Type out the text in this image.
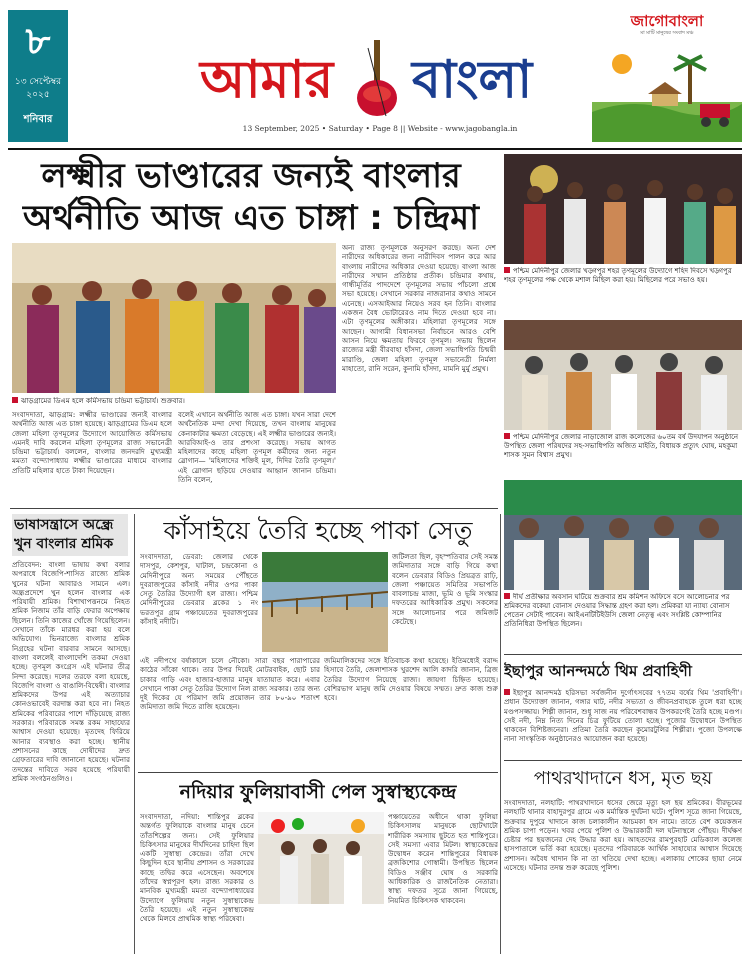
৮
১৩ সেপ্টেম্বর ২০২৫
শনিবার
আমার বাংলা
13 September, 2025 • Saturday • Page 8 || Website - www.jagobangla.in
জাগোবাংলা
মা মাটি মানুষের সংবাদ মঞ্চ
লক্ষ্মীর ভাণ্ডারের জন্যই বাংলার
অর্থনীতি আজ এত চাঙ্গা : চন্দ্রিমা
ঝাড়গ্রামের ডিএম হলে কর্মিসভায় চন্দ্রিমা ভট্টাচার্য। শুক্রবার।
সংবাদদাতা, ঝাড়গ্রাম: লক্ষ্মীর ভাণ্ডারের জন্যই বাংলার অর্থনীতি আজ এত চাঙ্গা হয়েছে। ঝাড়গ্রামের ডিএম হলে জেলা মহিলা তৃণমূলের উদ্যোগে আয়োজিত কর্মিসভায় এমনই দাবি করলেন মহিলা তৃণমূলের রাজ্য সভানেত্রী চন্দ্রিমা ভট্টাচার্য। বললেন, বাংলার জনদরদি মুখ্যমন্ত্রী মমতা বন্দ্যোপাধ্যায় লক্ষ্মীর ভাণ্ডারের মাধ্যমে বাংলার প্রতিটি মহিলার হাতে টাকা দিয়েছেন।
বলেই এখানে অর্থনীতি আজ এত চাঙ্গা। যখন সারা দেশে অর্থনৈতিক মন্দা দেখা দিয়েছে, তখন বাংলায় মানুষের কেনাকাটার ক্ষমতা বেড়েছে। এই লক্ষ্মীর ভাণ্ডারের জন্যই। আরবিআই-ও তার প্রশংসা করেছে। সভায় আগত মহিলাদের কাছে মহিলা তৃণমূল কর্মীদের জন্য নতুন স্লোগান— 'মহিলাদের শক্তিই মূল, দিদির তৈরি তৃণমূল।' এই স্লোগান ছড়িয়ে দেওয়ার আহ্বান জানান চন্দ্রিমা। তিনি বলেন,
অন্য রাজ্য তৃণমূলকে অনুসরণ করছে। অন্য দেশ নারীদের অধিকারের জন্য নারীদিবস পালন করে আর বাংলায় নারীদের অধিকার দেওয়া হয়েছে। বাংলা আজ নারীদের সম্মান প্রতিষ্ঠার প্রতীক। চন্দ্রিমার কথায়, গান্ধীমূর্তির পাদদেশে তৃণমূলের সভায় পাঁচলো প্রশ্নে সভা হয়েছে। সেখানে সরকার নাজরানার কথাও সামনে এনেছে। এসআইআর নিয়েও সরব হন তিনি। বাংলার একজন বৈধ ভোটারেরও নাম দিতে দেওয়া হবে না। এটা তৃণমূলের অঙ্গীকার। মহিলারা তৃণমূলের সঙ্গে আছেন। আগামী বিধানসভা নির্বাচনে আরও বেশি আসন নিয়ে ক্ষমতায় ফিরবে তৃণমূল। সভায় ছিলেন রাজ্যের মন্ত্রী বীরবাহা হাঁসদা, জেলা সভাধিপতি চিন্ময়ী মারাণ্ডি, জেলা মহিলা তৃণমূল সভানেত্রী নির্মলা মাহাতো, রানি সরেন, কুনামি হাঁসদা, মামনি মুর্মু প্রমুখ।
পশ্চিম মেদিনীপুর জেলার খড়্গপুর শহর তৃণমূলের উদ্যোগে শহিদ দিবসে খড়্গপুর শহর তৃণমূলের পক্ষ থেকে মশাল মিছিল করা হয়। মিছিলের পরে সভাও হয়।
পশ্চিম মেদিনীপুর জেলার নাড়াজোল রাজ কলেজের ৬০তম বর্ষ উদযাপন অনুষ্ঠানে উপস্থিত জেলা পরিষদের সহ-সভাধিপতি অজিত মাইতি, বিধায়ক প্রত্যুৎ ঘোষ, মহকুমা শাসক সুমন বিশ্বাস প্রমুখ।
দীর্ঘ প্রতীক্ষার অবসান ঘটিয়ে শুক্রবার শ্রম কমিশন অফিসে বসে আলোচনার পর শ্রমিকদের বকেয়া বোনাস দেওয়ার সিদ্ধান্ত গ্রহণ করা হল। প্রমিকরা যা ন্যায্য বোনাস পেতেন সেটাই পাবেন। আইএনটিটিইউসি জেলা নেতৃত্ব এবং সংশ্লিষ্ট কোম্পানির প্রতিনিধিরা উপস্থিত ছিলেন।
ভাষাসন্ত্রাসে অন্ধ্রে খুন বাংলার শ্রমিক
প্রতিবেদন: বাংলা ভাষায় কথা বলার অপরাধে বিজেপি-শাসিত রাজ্যে শ্রমিক খুনের ঘটনা আবারও সামনে এল। অন্ধ্রপ্রদেশে খুন হলেন বাংলার এক পরিযায়ী শ্রমিক। বিশাখাপত্তনমে নিহত শ্রমিক নিজাম তাঁর বাড়ি ফেরার অপেক্ষায় ছিলেন। তিনি কাজের খোঁজে গিয়েছিলেন। সেখানে তাঁকে মারধর করা হয় বলে অভিযোগ। ভিনরাজ্যে বাংলার শ্রমিক নিগ্রহের ঘটনা বারবার সামনে আসছে। বাংলা বললেই বাংলাদেশি তকমা দেওয়া হচ্ছে। তৃণমূল কংগ্রেস এই ঘটনার তীব্র নিন্দা করেছে। দলের তরফে বলা হয়েছে, বিজেপি বাংলা ও বাঙালি-বিদ্বেষী। বাংলার শ্রমিকদের উপর এই অত্যাচার কোনওভাবেই বরদাস্ত করা হবে না। নিহত শ্রমিকের পরিবারের পাশে দাঁড়িয়েছে রাজ্য সরকার। পরিবারকে সমস্ত রকম সাহায্যের আশ্বাস দেওয়া হয়েছে। মৃতদেহ ফিরিয়ে আনার ব্যবস্থাও করা হচ্ছে। স্থানীয় প্রশাসনের কাছে দোষীদের দ্রুত গ্রেফতারের দাবি জানানো হয়েছে। ঘটনার তদন্তের দাবিতে সরব হয়েছে পরিযায়ী শ্রমিক সংগঠনগুলিও।
কাঁসাইয়ে তৈরি হচ্ছে পাকা সেতু
সংবাদদাতা, ডেবরা: জেলার থেকে দাসপুর, কেশপুর, ঘাটাল, চন্দ্রকোনা ও মেদিনীপুরে অন্য সময়ের পৌঁছতে দুবরাজপুরের কাঁসাই নদীর ওপর পাকা সেতু তৈরির উদ্যোগী হল রাজ্য। পশ্চিম মেদিনীপুরের ডেবরার ব্লকের ১ নং ভরতপুর গ্রাম পঞ্চায়েতের দুবরাজপুরের কাঁসাই নদীটি।
জটিলতা ছিল, বৃহস্পতিবার সেই সমস্ত জমিদাতার সঙ্গে বাড়ি গিয়ে কথা বলেন ডেবরার বিডিও প্রিয়ব্রত রাঢ়ি, জেলা পঞ্চায়েত সমিতির সভাপতি বাবলাচন্দ্র মাজা, ভূমি ও ভূমি সংস্কার দফতরের আধিকারিক প্রমুখ। সকলের সঙ্গে আলোচনার পরে জমিজট কেটেছে।
এই নদীপথে বর্ষাকালে চলে নৌকো। সারা বছর পারাপারের কাঠের সাঁকো থাকে। তার উপর দিয়েই মোটরবাইক, ছোট চার চাকার গাড়ি এবং হাজার-হাজার মানুষ যাতায়াত করে। এবার সেখানে পাকা সেতু তৈরির উদ্যোগ নিল রাজ্য সরকার। তার জন্য দুই দিকের যে পরিমাণ জমি প্রয়োজন তার ৮০-৯০ শতাংশ জমিদাতা জমি দিতে রাজি হয়েছেন।
জমিমালিকদের সঙ্গে ইতিবাচক কথা হয়েছে। ইতিমধ্যেই বরাদ্দ হিসাবে তৈরি, জেলাশাসক খুরশেদ আলি কাদরি জানান, ব্রিজ তৈরির উদ্যোগ নিয়েছে রাজ্য। জায়গা চিহ্নিত হয়েছে। বেশিরভাগ মানুষ জমি দেওয়ার বিষয়ে সম্মত। দ্রুত কাজ শুরু হবে।
নদিয়ার ফুলিয়াবাসী পেল সুস্বাস্থ্যকেন্দ্র
সংবাদদাতা, নদিয়া: শান্তিপুর ব্লকের অন্তর্গত ফুলিয়াকে বাংলার মানুষ চেনে তাঁতশিল্পের জন্য। সেই ফুলিয়ার চিকিৎসার মানুষের দীর্ঘদিনের চাহিদা ছিল একটি সুস্বাস্থ্য কেন্দ্রের। তাঁরা দেখে কিছুদিন হবে স্থানীয় প্রশাসন ও সরকারের কাছে তদ্বির করে এসেছেন। অবশেষে তাঁদের স্বপ্নপূরণ হল। রাজ্য সরকার ও মানবিক মুখ্যমন্ত্রী মমতা বন্দ্যোপাধ্যায়ের উদ্যোগে ফুলিয়ায় নতুন সুস্বাস্থ্যকেন্দ্র তৈরি হয়েছে। এই নতুন সুস্বাস্থ্যকেন্দ্র থেকে মিলবে প্রাথমিক স্বাস্থ্য পরিষেবা।
পঞ্চায়েতের অধীনে থাকা ফুলিয়া চিকিৎসালয় মানুষকে ছোটখাটো শারীরিক সমস্যায় ছুটতে হত শান্তিপুরে। সেই সমস্যা এবার মিটল। স্বাস্থ্যকেন্দ্রের উদ্বোধন করেন শান্তিপুরের বিধায়ক ব্রজকিশোর গোস্বামী। উপস্থিত ছিলেন বিডিও সঞ্জীব ঘোষ ও সরকারি আধিকারিক ও রাজনৈতিক নেতারা। স্বাস্থ্য দফতর সূত্রে জানা গিয়েছে, নিয়মিত চিকিৎসক থাকবেন।
ইছাপুর আনন্দমঠে থিম প্রবাহিণী
ইছাপুর আনন্দমঠ হরিসভা সর্বজনীন দুর্গোৎসবের ৭৭তম বর্ষের থিম 'প্রবাহিণী'। প্রধান উদ্যোক্তা জানান, গঙ্গার ঘাট, নদীর সভ্যতা ও জীবনপ্রবাহকে তুলে ধরা হচ্ছে মণ্ডপসজ্জায়। শিল্পী জানান, শুধু সাজ নয় পরিবেশবান্ধব উপকরণেই তৈরি হচ্ছে মণ্ডপ। সেই নদী, নিম্ন নিত্য দিনের চিত্র ফুটিয়ে তোলা হচ্ছে। পুজোর উদ্বোধনে উপস্থিত থাকবেন বিশিষ্টজনেরা। প্রতিমা তৈরি করছেন কুমোরটুলির শিল্পীরা। পুজো উপলক্ষে নানা সাংস্কৃতিক অনুষ্ঠানেরও আয়োজন করা হয়েছে।
পাথরখাদানে ধস, মৃত ছয়
সংবাদদাতা, নলহাটি: পাথরখাদানে ধসের জেরে মৃত্যু হল ছয় শ্রমিকের। বীরভূমের নলহাটি থানার বাহাদুরপুর গ্রামে এক মর্মান্তিক দুর্ঘটনা ঘটে। পুলিশ সূত্রে জানা গিয়েছে, শুক্রবার দুপুরে খাদানে কাজ চলাকালীন আচমকা ধস নামে। তাতে বেশ কয়েকজন শ্রমিক চাপা পড়েন। খবর পেয়ে পুলিশ ও উদ্ধারকারী দল ঘটনাস্থলে পৌঁছয়। দীর্ঘক্ষণ চেষ্টার পর ছয়জনের দেহ উদ্ধার করা হয়। আহতদের রামপুরহাট মেডিক্যাল কলেজ হাসপাতালে ভর্তি করা হয়েছে। মৃতদের পরিবারকে আর্থিক সাহায্যের আশ্বাস দিয়েছে প্রশাসন। অবৈধ খাদান কি না তা খতিয়ে দেখা হচ্ছে। এলাকায় শোকের ছায়া নেমে এসেছে। ঘটনার তদন্ত শুরু করেছে পুলিশ।
